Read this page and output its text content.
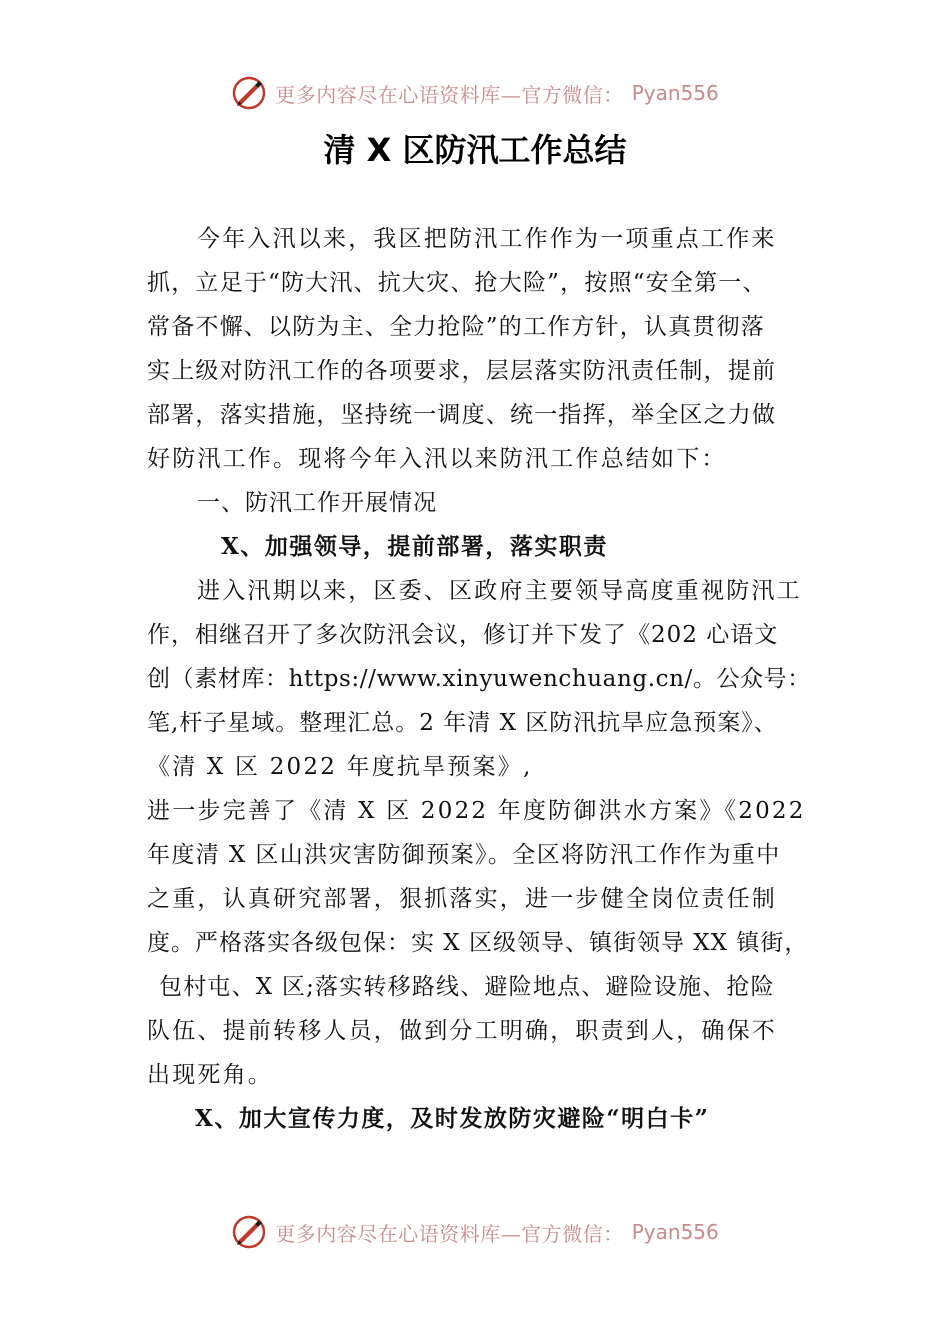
更多内容尽在心语资料库—官方微信： Pyan556
清 X 区防汛工作总结
今年入汛以来，我区把防汛工作作为一项重点工作来
抓，立足于“防大汛、抗大灾、抢大险”，按照“安全第一、
常备不懈、以防为主、全力抢险”的工作方针，认真贯彻落
实上级对防汛工作的各项要求，层层落实防汛责任制，提前
部署，落实措施，坚持统一调度、统一指挥，举全区之力做
好防汛工作。现将今年入汛以来防汛工作总结如下：
一、防汛工作开展情况
X、加强领导，提前部署，落实职责
进入汛期以来，区委、区政府主要领导高度重视防汛工
作，相继召开了多次防汛会议，修订并下发了《202 心语文
创（素材库：https://www.xinyuwenchuang.cn/。公众号：
笔,杆子星域。整理汇总。2 年清 X 区防汛抗旱应急预案》、
《清 X 区 2022 年度抗旱预案》,
进一步完善了《清 X 区 2022 年度防御洪水方案》《2022
年度清 X 区山洪灾害防御预案》。全区将防汛工作作为重中
之重，认真研究部署，狠抓落实，进一步健全岗位责任制
度。严格落实各级包保：实 X 区级领导、镇街领导 XX 镇街，
包村屯、X 区;落实转移路线、避险地点、避险设施、抢险
队伍、提前转移人员，做到分工明确，职责到人，确保不
出现死角。
X、加大宣传力度，及时发放防灾避险“明白卡”
更多内容尽在心语资料库—官方微信： Pyan556
